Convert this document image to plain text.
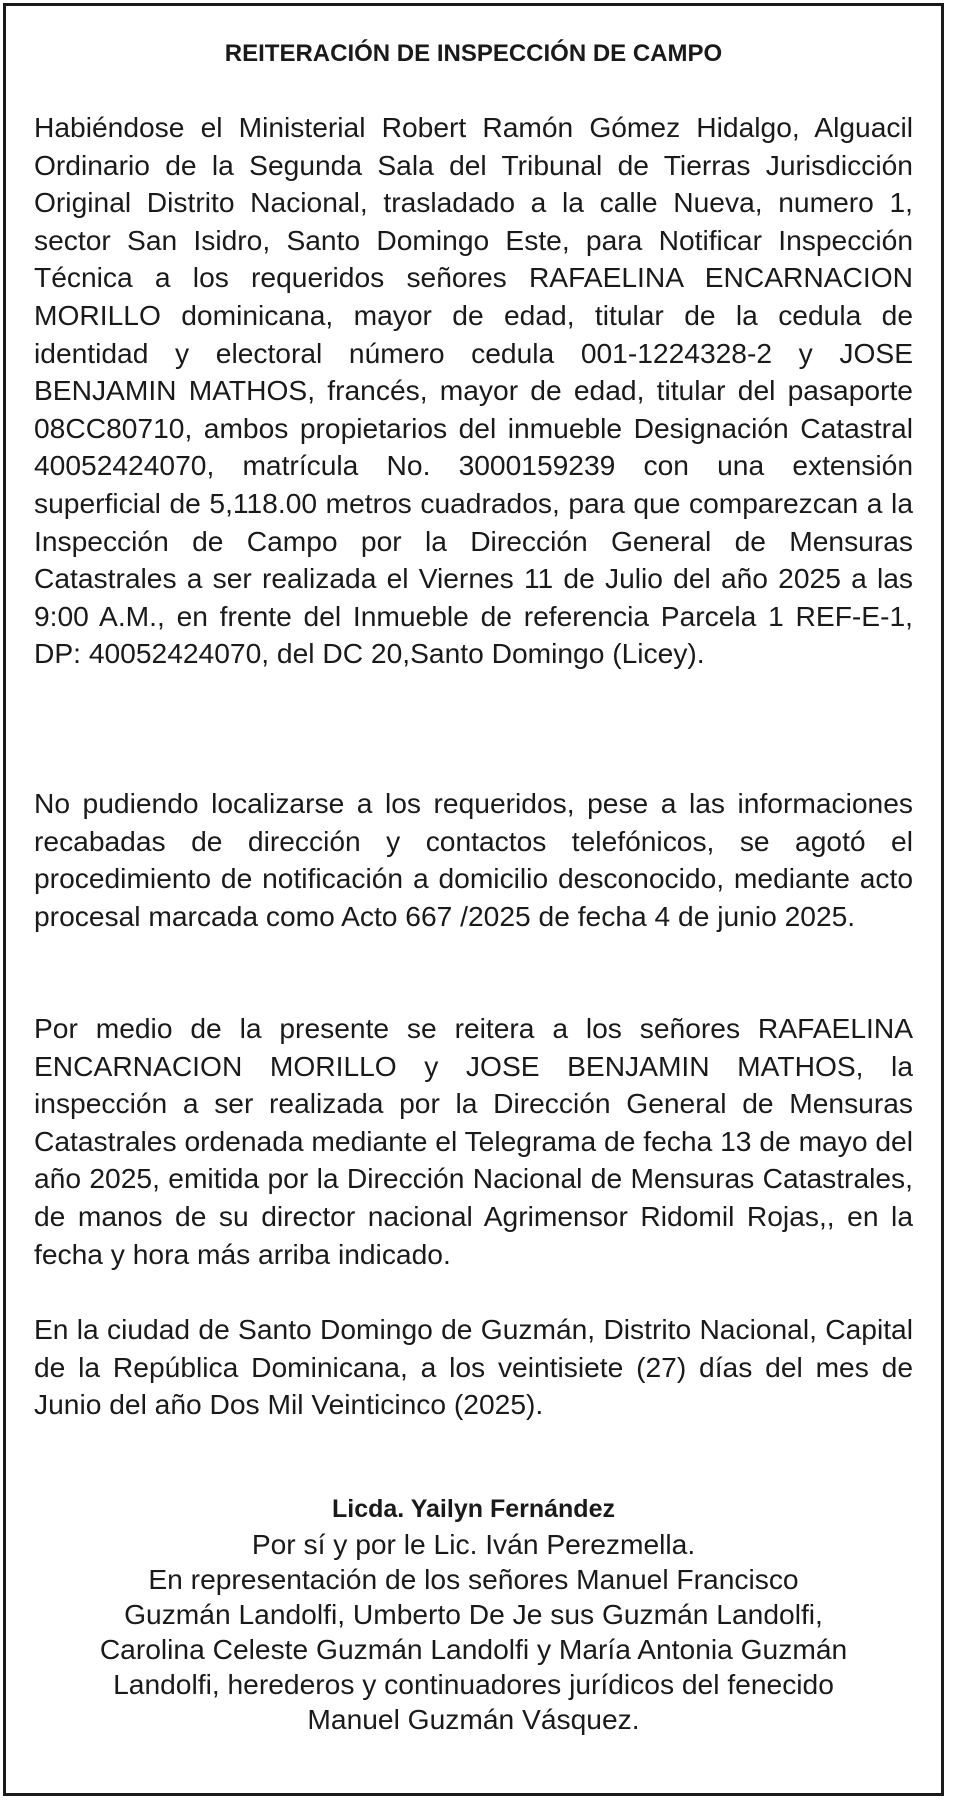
REITERACIÓN DE INSPECCIÓN DE CAMPO

Habiéndose el Ministerial Robert Ramón Gómez Hidalgo, Alguacil Ordinario de la Segunda Sala del Tribunal de Tierras Jurisdicción Original Distrito Nacional, trasladado a la calle Nueva, numero 1, sector San Isidro, Santo Domingo Este, para Notificar Inspección Técnica a los requeridos señores RAFAELINA ENCARNACION MORILLO dominicana, mayor de edad, titular de la cedula de identidad y electoral número cedula 001-1224328-2 y JOSE BENJAMIN MATHOS, francés, mayor de edad, titular del pasaporte 08CC80710, ambos propietarios del inmueble Designación Catastral 40052424070, matrícula No. 3000159239 con una extensión superficial de 5,118.00 metros cuadrados, para que comparezcan a la Inspección de Campo por la Dirección General de Mensuras Catastrales a ser realizada el Viernes 11 de Julio del año 2025 a las 9:00 A.M., en frente del Inmueble de referencia Parcela 1 REF-E-1, DP: 40052424070, del DC 20,Santo Domingo (Licey).

No pudiendo localizarse a los requeridos, pese a las informaciones recabadas de dirección y contactos telefónicos, se agotó el procedimiento de notificación a domicilio desconocido, mediante acto procesal marcada como Acto 667 /2025 de fecha 4 de junio 2025.

Por medio de la presente se reitera a los señores RAFAELINA ENCARNACION MORILLO y JOSE BENJAMIN MATHOS, la inspección a ser realizada por la Dirección General de Mensuras Catastrales ordenada mediante el Telegrama de fecha 13 de mayo del año 2025, emitida por la Dirección Nacional de Mensuras Catastrales, de manos de su director nacional Agrimensor Ridomil Rojas,, en la fecha y hora más arriba indicado.

En la ciudad de Santo Domingo de Guzmán, Distrito Nacional, Capital de la República Dominicana, a los veintisiete (27) días del mes de Junio del año Dos Mil Veinticinco (2025).

Licda. Yailyn Fernández

Por sí y por le Lic. Iván Perezmella.

En representación de los señores Manuel Francisco

Guzmán Landolfi, Umberto De Je sus Guzmán Landolfi,

Carolina Celeste Guzmán Landolfi y María Antonia Guzmán

Landolfi, herederos y continuadores jurídicos del fenecido

Manuel Guzmán Vásquez.
